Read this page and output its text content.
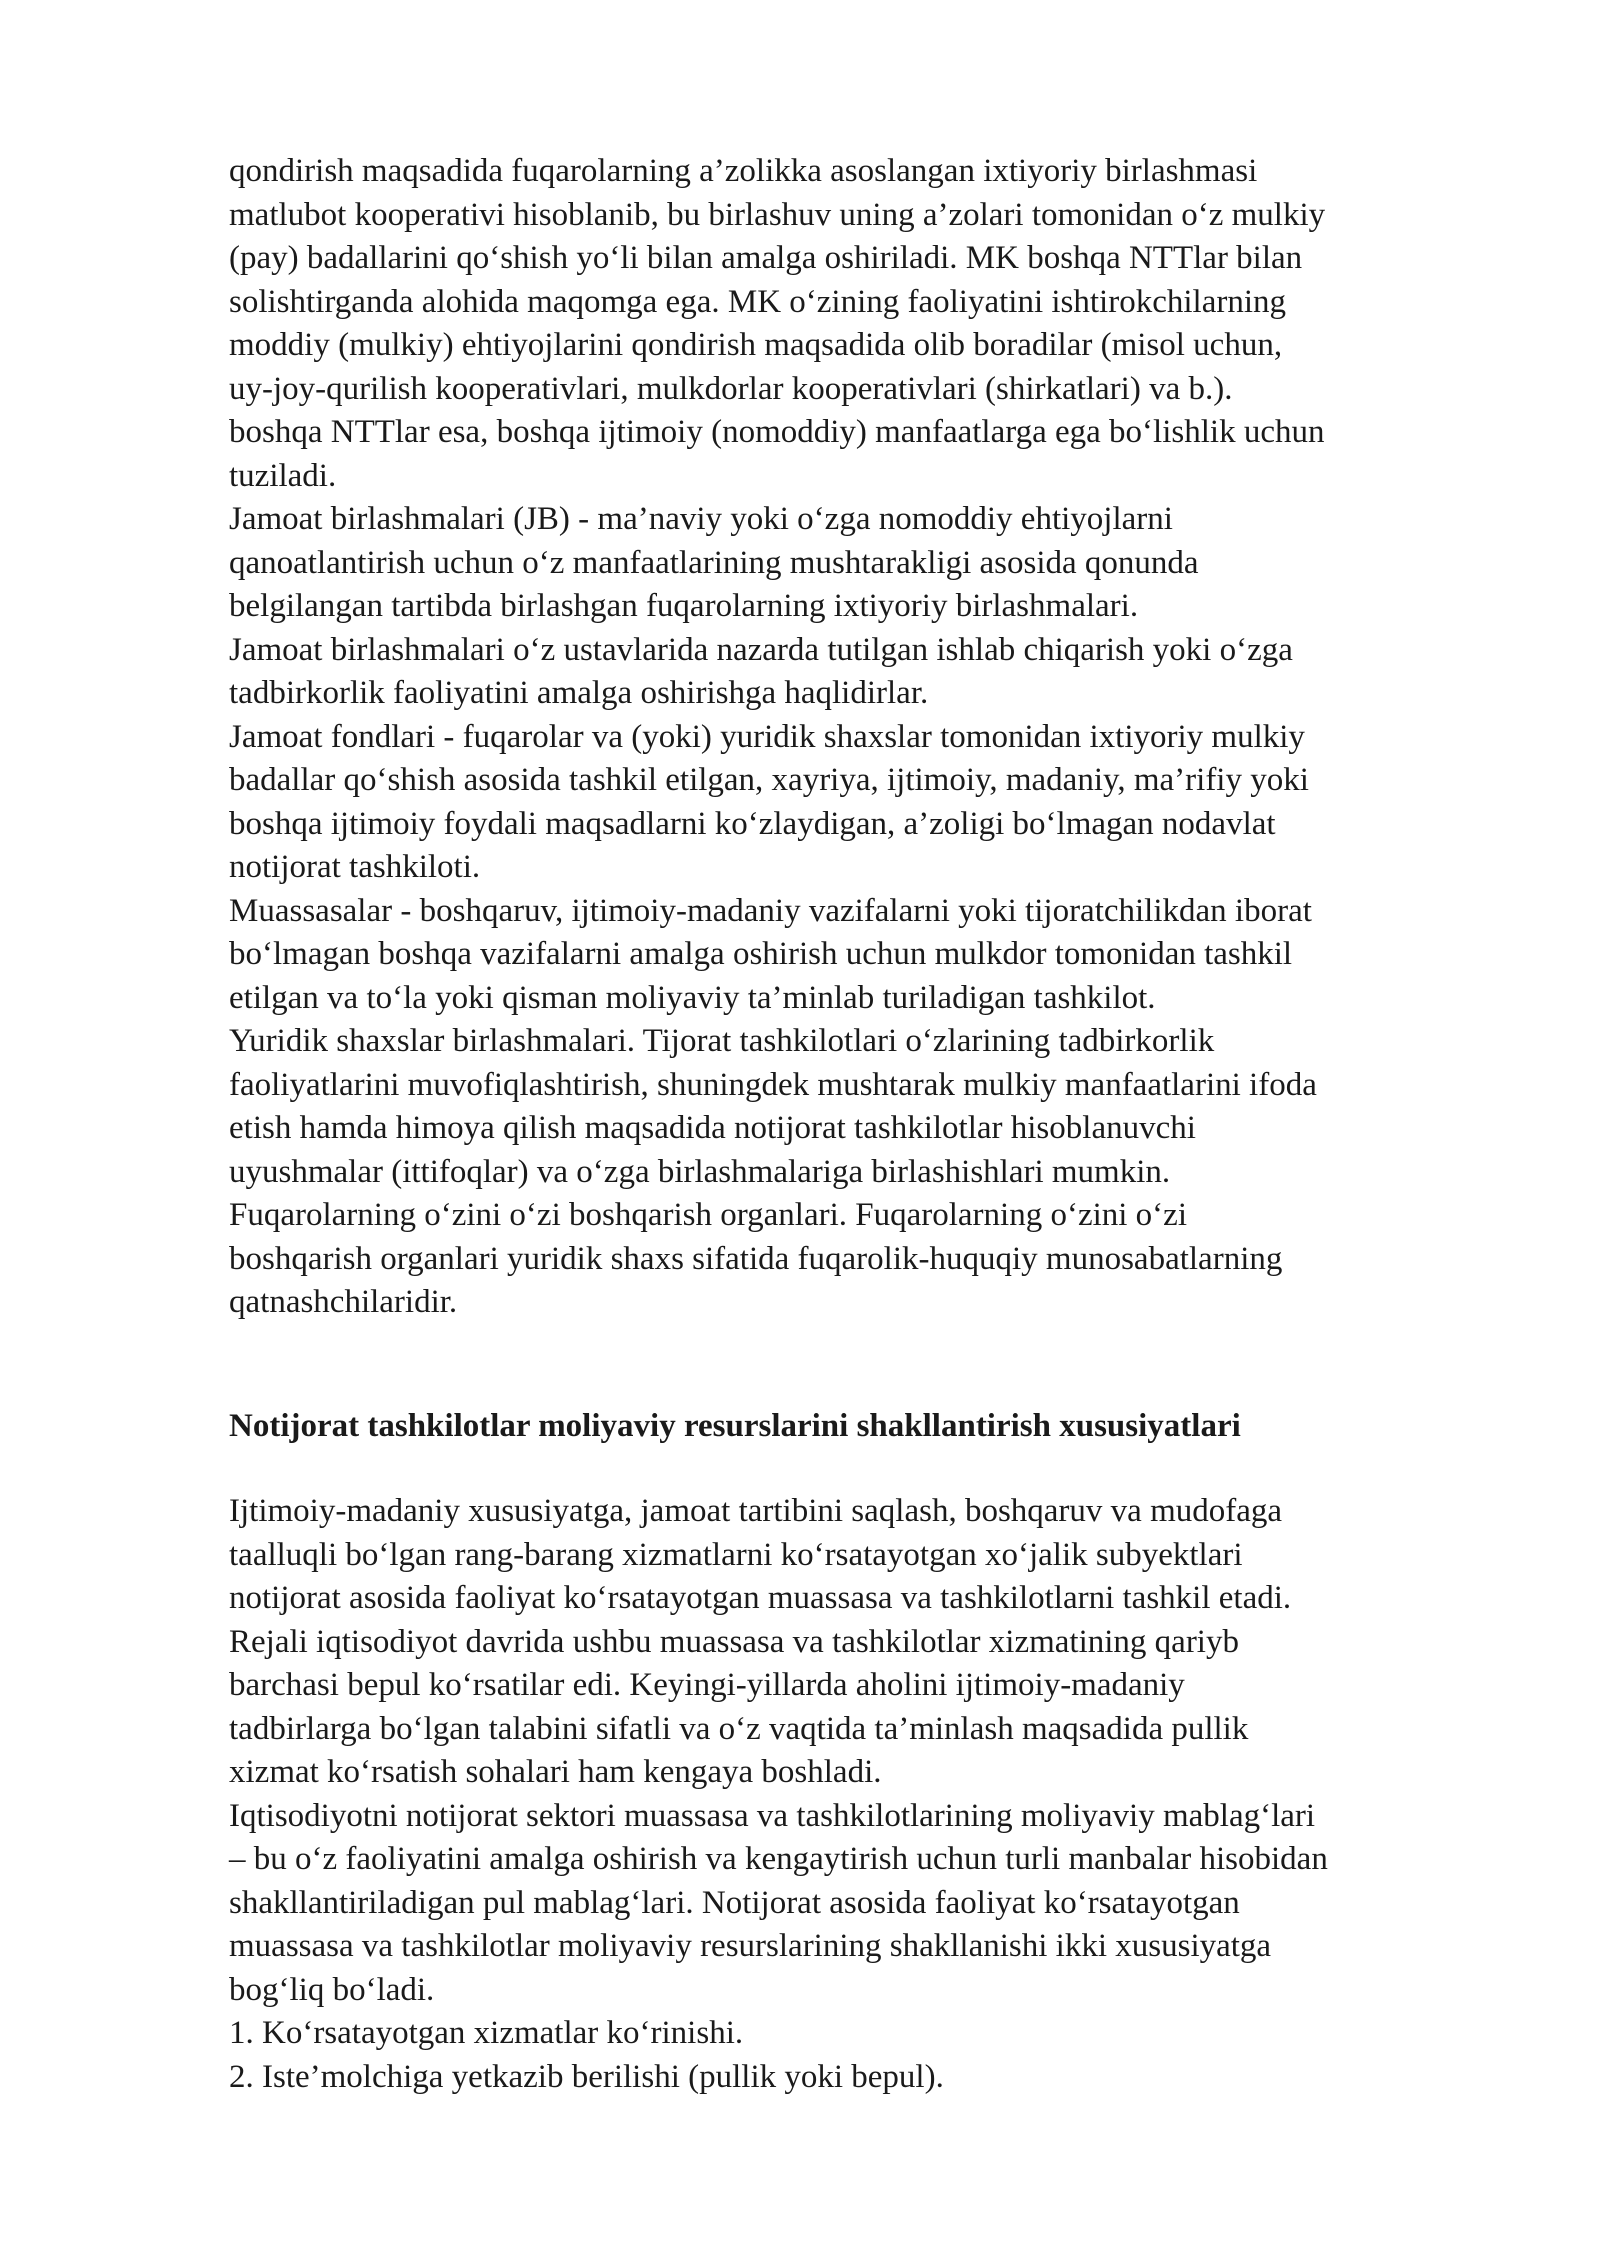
qondirish maqsadida fuqarolarning a’zolikka asoslangan ixtiyoriy birlashmasi
matlubot kooperativi hisoblanib, bu birlashuv uning a’zolari tomonidan o‘z mulkiy
(pay) badallarini qo‘shish yo‘li bilan amalga oshiriladi. MK boshqa NTTlar bilan
solishtirganda alohida maqomga ega. MK o‘zining faoliyatini ishtirokchilarning
moddiy (mulkiy) ehtiyojlarini qondirish maqsadida olib boradilar (misol uchun,
uy-joy-qurilish kooperativlari, mulkdorlar kooperativlari (shirkatlari) va b.).
boshqa NTTlar esa, boshqa ijtimoiy (nomoddiy) manfaatlarga ega bo‘lishlik uchun
tuziladi.

Jamoat birlashmalari (JB) - ma’naviy yoki o‘zga nomoddiy ehtiyojlarni
qanoatlantirish uchun o‘z manfaatlarining mushtarakligi asosida qonunda
belgilangan tartibda birlashgan fuqarolarning ixtiyoriy birlashmalari.

Jamoat birlashmalari o‘z ustavlarida nazarda tutilgan ishlab chiqarish yoki o‘zga
tadbirkorlik faoliyatini amalga oshirishga haqlidirlar.

Jamoat fondlari - fuqarolar va (yoki) yuridik shaxslar tomonidan ixtiyoriy mulkiy
badallar qo‘shish asosida tashkil etilgan, xayriya, ijtimoiy, madaniy, ma’rifiy yoki
boshqa ijtimoiy foydali maqsadlarni ko‘zlaydigan, a’zoligi bo‘lmagan nodavlat
notijorat tashkiloti.

Muassasalar - boshqaruv, ijtimoiy-madaniy vazifalarni yoki tijoratchilikdan iborat
bo‘lmagan boshqa vazifalarni amalga oshirish uchun mulkdor tomonidan tashkil
etilgan va to‘la yoki qisman moliyaviy ta’minlab turiladigan tashkilot.

Yuridik shaxslar birlashmalari. Tijorat tashkilotlari o‘zlarining tadbirkorlik
faoliyatlarini muvofiqlashtirish, shuningdek mushtarak mulkiy manfaatlarini ifoda
etish hamda himoya qilish maqsadida notijorat tashkilotlar hisoblanuvchi
uyushmalar (ittifoqlar) va o‘zga birlashmalariga birlashishlari mumkin.

Fuqarolarning o‘zini o‘zi boshqarish organlari. Fuqarolarning o‘zini o‘zi
boshqarish organlari yuridik shaxs sifatida fuqarolik-huquqiy munosabatlarning
qatnashchilaridir.

Notijorat tashkilotlar moliyaviy resurslarini shakllantirish xususiyatlari

Ijtimoiy-madaniy xususiyatga, jamoat tartibini saqlash, boshqaruv va mudofaga
taalluqli bo‘lgan rang-barang xizmatlarni ko‘rsatayotgan xo‘jalik subyektlari
notijorat asosida faoliyat ko‘rsatayotgan muassasa va tashkilotlarni tashkil etadi.
Rejali iqtisodiyot davrida ushbu muassasa va tashkilotlar xizmatining qariyb
barchasi bepul ko‘rsatilar edi. Keyingi-yillarda aholini ijtimoiy-madaniy
tadbirlarga bo‘lgan talabini sifatli va o‘z vaqtida ta’minlash maqsadida pullik
xizmat ko‘rsatish sohalari ham kengaya boshladi.

Iqtisodiyotni notijorat sektori muassasa va tashkilotlarining moliyaviy mablag‘lari
– bu o‘z faoliyatini amalga oshirish va kengaytirish uchun turli manbalar hisobidan
shakllantiriladigan pul mablag‘lari. Notijorat asosida faoliyat ko‘rsatayotgan
muassasa va tashkilotlar moliyaviy resurslarining shakllanishi ikki xususiyatga
bog‘liq bo‘ladi.

1. Ko‘rsatayotgan xizmatlar ko‘rinishi.
2. Iste’molchiga yetkazib berilishi (pullik yoki bepul).
